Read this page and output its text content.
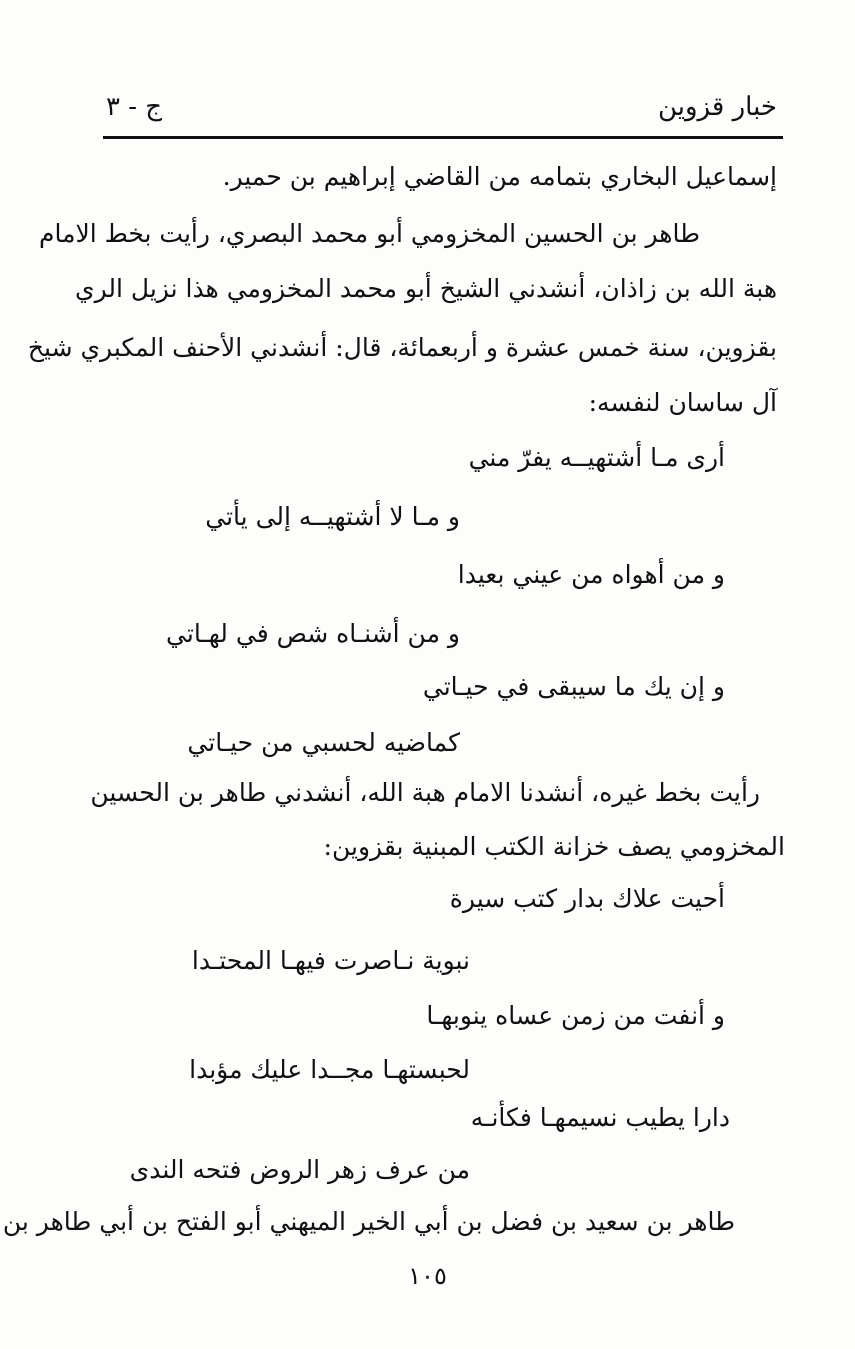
خبار قزوين
ج - ٣
إسماعيل البخاري بتمامه من القاضي إبراهيم بن حمير.
طاهر بن الحسين المخزومي أبو محمد البصري، رأيت بخط الامام
هبة الله بن زاذان، أنشدني الشيخ أبو محمد المخزومي هذا نزيل الري
بقزوين، سنة خمس عشرة و أربعمائة، قال: أنشدني الأحنف المكبري شيخ
آل ساسان لنفسه:
أرى مـا أشتهيــه يفرّ مني
و مـا لا أشتهيــه إلى يأتي
و من أهواه من عيني بعيدا
و من أشنـاه شص في لهـاتي
و إن يك ما سيبقى في حيـاتي
كماضيه لحسبي من حيـاتي
رأيت بخط غيره، أنشدنا الامام هبة الله، أنشدني طاهر بن الحسين
المخزومي يصف خزانة الكتب المبنية بقزوين:
أحيت علاك بدار كتب سيرة
نبوية نـاصرت فيهـا المحتـدا
و أنفت من زمن عساه ينوبهـا
لحبستهـا مجــدا عليك مؤبدا
دارا يطيب نسيمهـا فكأنـه
من عرف زهر الروض فتحه الندى
طاهر بن سعيد بن فضل بن أبي الخير الميهني أبو الفتح بن أبي طاهر بن
١٠٥
